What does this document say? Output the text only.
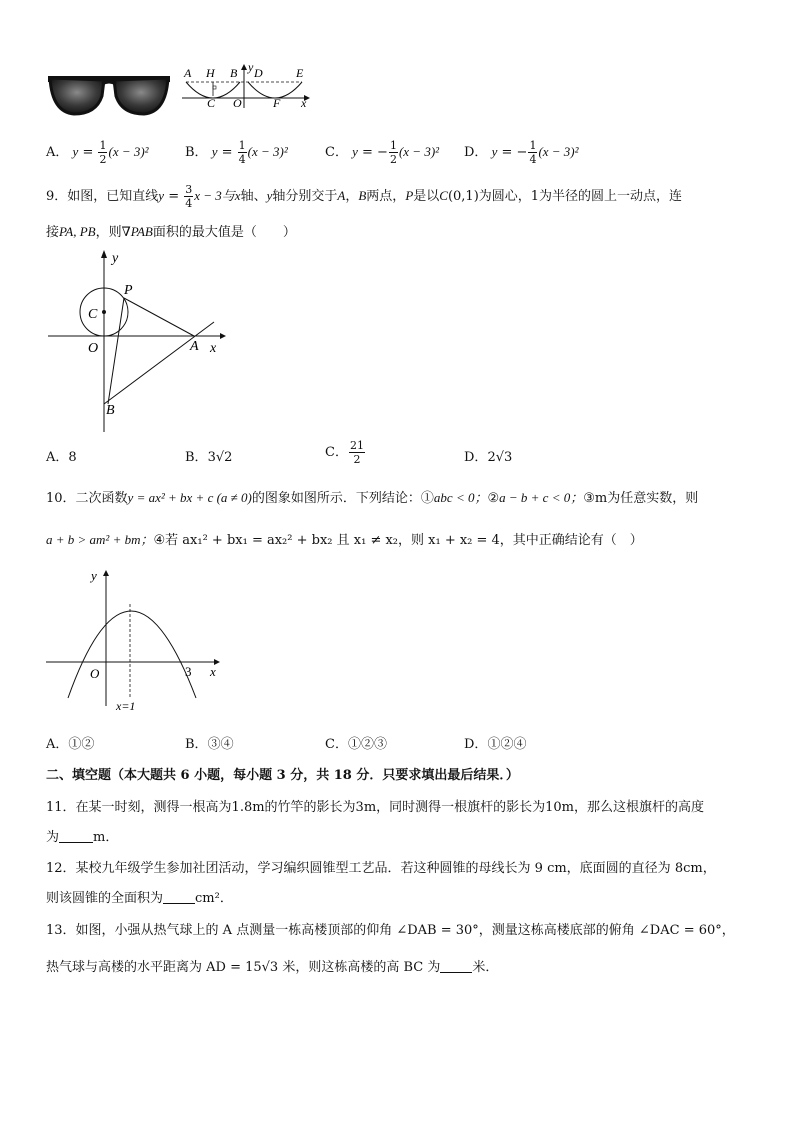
A H B y D	E
C O	F x
A． $y = \frac{1}{2} (x - 3)^2$	B． $y = \frac{1}{4} (x - 3)^2$	C． y = − $\frac{1}{2} (x - 3)^2$ D． y = − $\frac{1}{4} (x - 3)^2$
9．如图，已知直线$y = \frac{3}{4}$ x − 3与x轴、y轴分别交于A，B两点，P是以C(0,1)为圆心，1为半径的圆上一动点，连
接PA, PB，则∇PAB面积的最大值是（　　）
y
P
C
O	A x
B
A．8	B．3√2	C． $\frac{21}{2}$	D．2√3
10．二次函数y = ax² + bx + c (a ≠ 0)的图象如图所示．下列结论：①abc < 0；②a − b + c < 0；③m为任意实数，则
a + b > am² + bm；④若 ax₁² + bx₁ = ax₂² + bx₂ 且 x₁ ≠ x₂，则 x₁ + x₂ = 4，其中正确结论有（　）
y
O	3 x
x=1
A．①②	B．③④	C．①②③	D．①②④
二、填空题（本大题共 6 小题，每小题 3 分，共 18 分．只要求填出最后结果．）
11．在某一时刻，测得一根高为1.8m的竹竿的影长为3m，同时测得一根旗杆的影长为10m，那么这根旗杆的高度
为	m．
12．某校九年级学生参加社团活动，学习编织圆锥型工艺品．若这种圆锥的母线长为 9 cm，底面圆的直径为 8cm，
则该圆锥的全面积为 cm²．
13．如图，小强从热气球上的 A 点测量一栋高楼顶部的仰角 ∠DAB = 30°，测量这栋高楼底部的俯角 ∠DAC = 60°，
热气球与高楼的水平距离为 AD = 15√3 米，则这栋高楼的高 BC 为 米．
